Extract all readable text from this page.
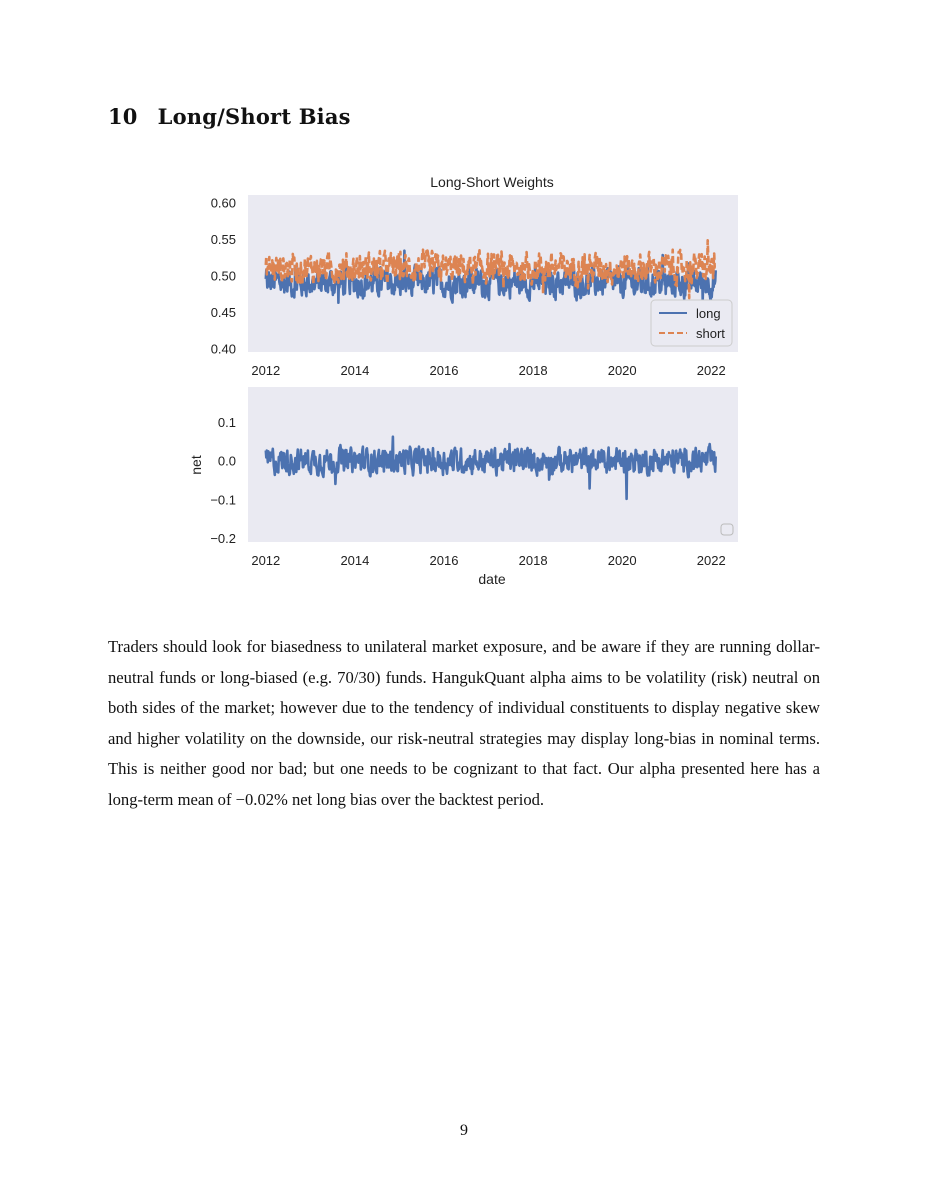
10 Long/Short Bias
Long-Short Weights
0.60
0.55
0.50
0.45
0.40
2012	2014	2016	2018	2020	2022
0.1
0.0
−0.1
−0.2
2012	2014	2016	2018	2020	2022
long
short
net
date

Traders should look for biasedness to unilateral market exposure, and be aware if they are running dollar-neutral funds or long-biased (e.g. 70/30) funds. HangukQuant alpha aims to be volatility (risk) neutral on both sides of the market; however due to the tendency of individual constituents to display negative skew and higher volatility on the downside, our risk-neutral strategies may display long-bias in nominal terms. This is neither good nor bad; but one needs to be cognizant to that fact. Our alpha presented here has a long-term mean of −0.02% net long bias over the backtest period.

9
